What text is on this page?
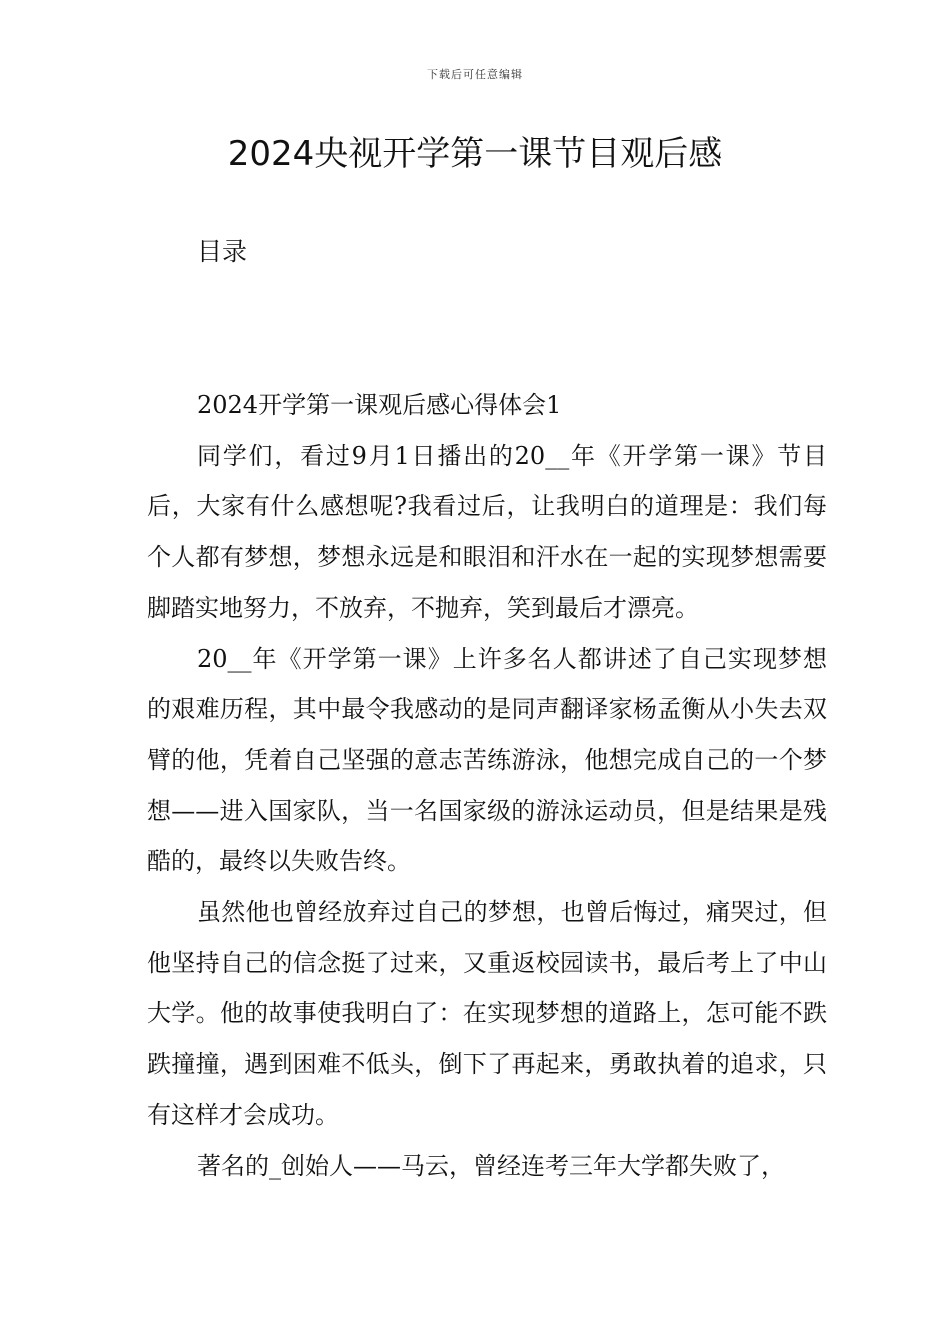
下载后可任意编辑
2024央视开学第一课节目观后感
目录

2024开学第一课观后感心得体会1

同学们，看过9月1日播出的20__年《开学第一课》节目后，大家有什么感想呢?我看过后，让我明白的道理是：我们每个人都有梦想，梦想永远是和眼泪和汗水在一起的实现梦想需要脚踏实地努力，不放弃，不抛弃，笑到最后才漂亮。

20__年《开学第一课》上许多名人都讲述了自己实现梦想的艰难历程，其中最令我感动的是同声翻译家杨孟衡从小失去双臂的他，凭着自己坚强的意志苦练游泳，他想完成自己的一个梦想——进入国家队，当一名国家级的游泳运动员，但是结果是残酷的，最终以失败告终。

虽然他也曾经放弃过自己的梦想，也曾后悔过，痛哭过，但他坚持自己的信念挺了过来，又重返校园读书，最后考上了中山大学。他的故事使我明白了：在实现梦想的道路上，怎可能不跌跌撞撞，遇到困难不低头，倒下了再起来，勇敢执着的追求，只有这样才会成功。

著名的_创始人——马云，曾经连考三年大学都失败了，
